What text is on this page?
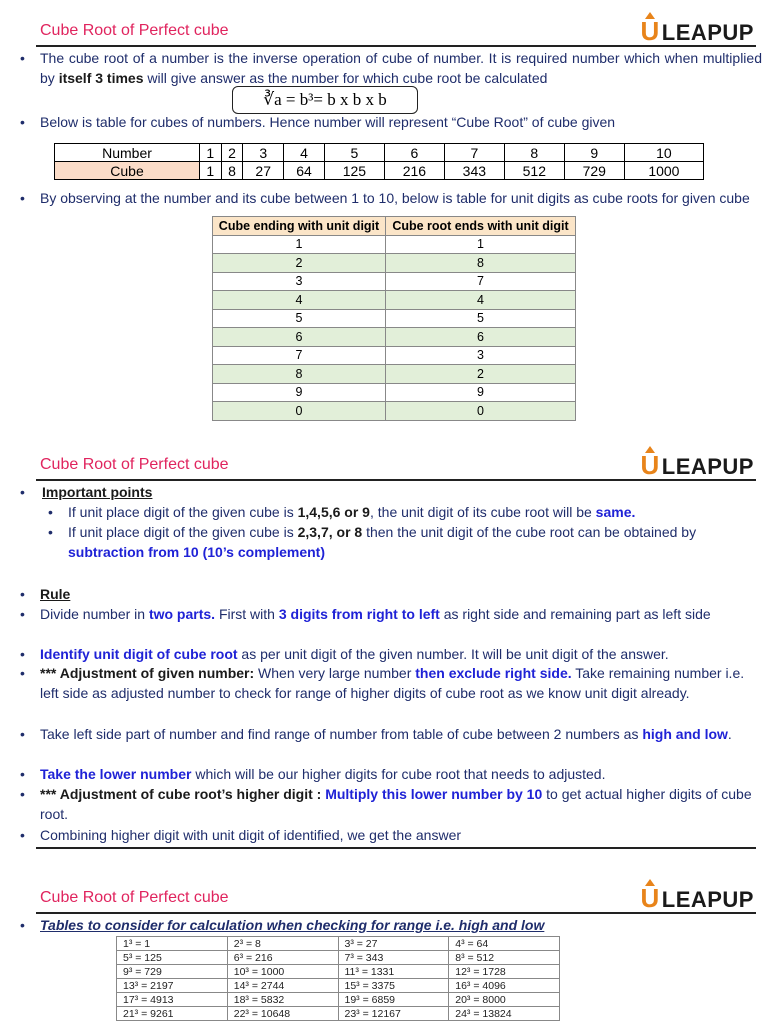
Cube Root of Perfect cube	ULEAPUP
• The cube root of a number is the inverse operation of cube of number. It is required number which when multiplied by itself 3 times will give answer as the number for which cube root be calculated
∛a = b³= b x b x b
• Below is table for cubes of numbers. Hence number will represent “Cube Root” of cube given
Number	1	2	3	4	5	6	7	8	9	10
Cube	1	8	27	64	125	216	343	512	729	1000
• By observing at the number and its cube between 1 to 10, below is table for unit digits as cube roots for given cube
Cube ending with unit digit	Cube root ends with unit digit
1	1
2	8
3	7
4	4
5	5
6	6
7	3
8	2
9	9
0	0
Cube Root of Perfect cube	ULEAPUP
• Important points
• If unit place digit of the given cube is 1,4,5,6 or 9, the unit digit of its cube root will be same.
• If unit place digit of the given cube is 2,3,7, or 8 then the unit digit of the cube root can be obtained by subtraction from 10 (10’s complement)
• Rule
• Divide number in two parts. First with 3 digits from right to left as right side and remaining part as left side
• Identify unit digit of cube root as per unit digit of the given number. It will be unit digit of the answer.
• *** Adjustment of given number: When very large number then exclude right side. Take remaining number i.e. left side as adjusted number to check for range of higher digits of cube root as we know unit digit already.
• Take left side part of number and find range of number from table of cube between 2 numbers as high and low.
• Take the lower number which will be our higher digits for cube root that needs to adjusted.
• *** Adjustment of cube root’s higher digit : Multiply this lower number by 10 to get actual higher digits of cube root.
• Combining higher digit with unit digit of identified, we get the answer
Cube Root of Perfect cube	ULEAPUP
• Tables to consider for calculation when checking for range i.e. high and low
1³ = 1	2³ = 8	3³ = 27	4³ = 64
5³ = 125	6³ = 216	7³ = 343	8³ = 512
9³ = 729	10³ = 1000	11³ = 1331	12³ = 1728
13³ = 2197	14³ = 2744	15³ = 3375	16³ = 4096
17³ = 4913	18³ = 5832	19³ = 6859	20³ = 8000
21³ = 9261	22³ = 10648	23³ = 12167	24³ = 13824
